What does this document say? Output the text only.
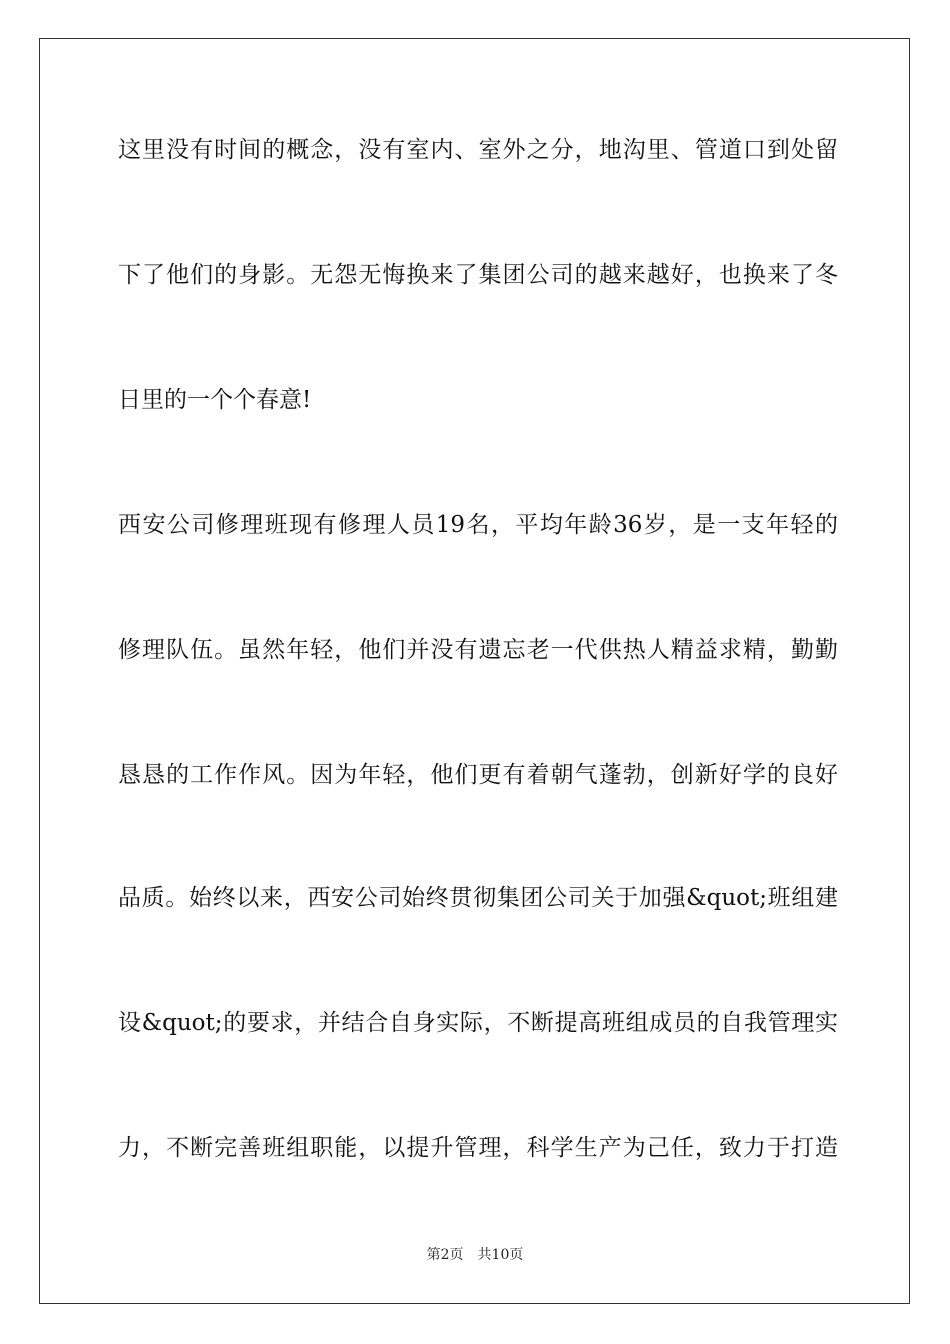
这里没有时间的概念，没有室内、室外之分，地沟里、管道口到处留
下了他们的身影。无怨无悔换来了集团公司的越来越好，也换来了冬
日里的一个个春意!
西安公司修理班现有修理人员19名，平均年龄36岁，是一支年轻的
修理队伍。虽然年轻，他们并没有遗忘老一代供热人精益求精，勤勤
恳恳的工作作风。因为年轻，他们更有着朝气蓬勃，创新好学的良好
品质。始终以来，西安公司始终贯彻集团公司关于加强&quot;班组建
设&quot;的要求，并结合自身实际，不断提高班组成员的自我管理实
力，不断完善班组职能，以提升管理，科学生产为己任，致力于打造
第2页 共10页
